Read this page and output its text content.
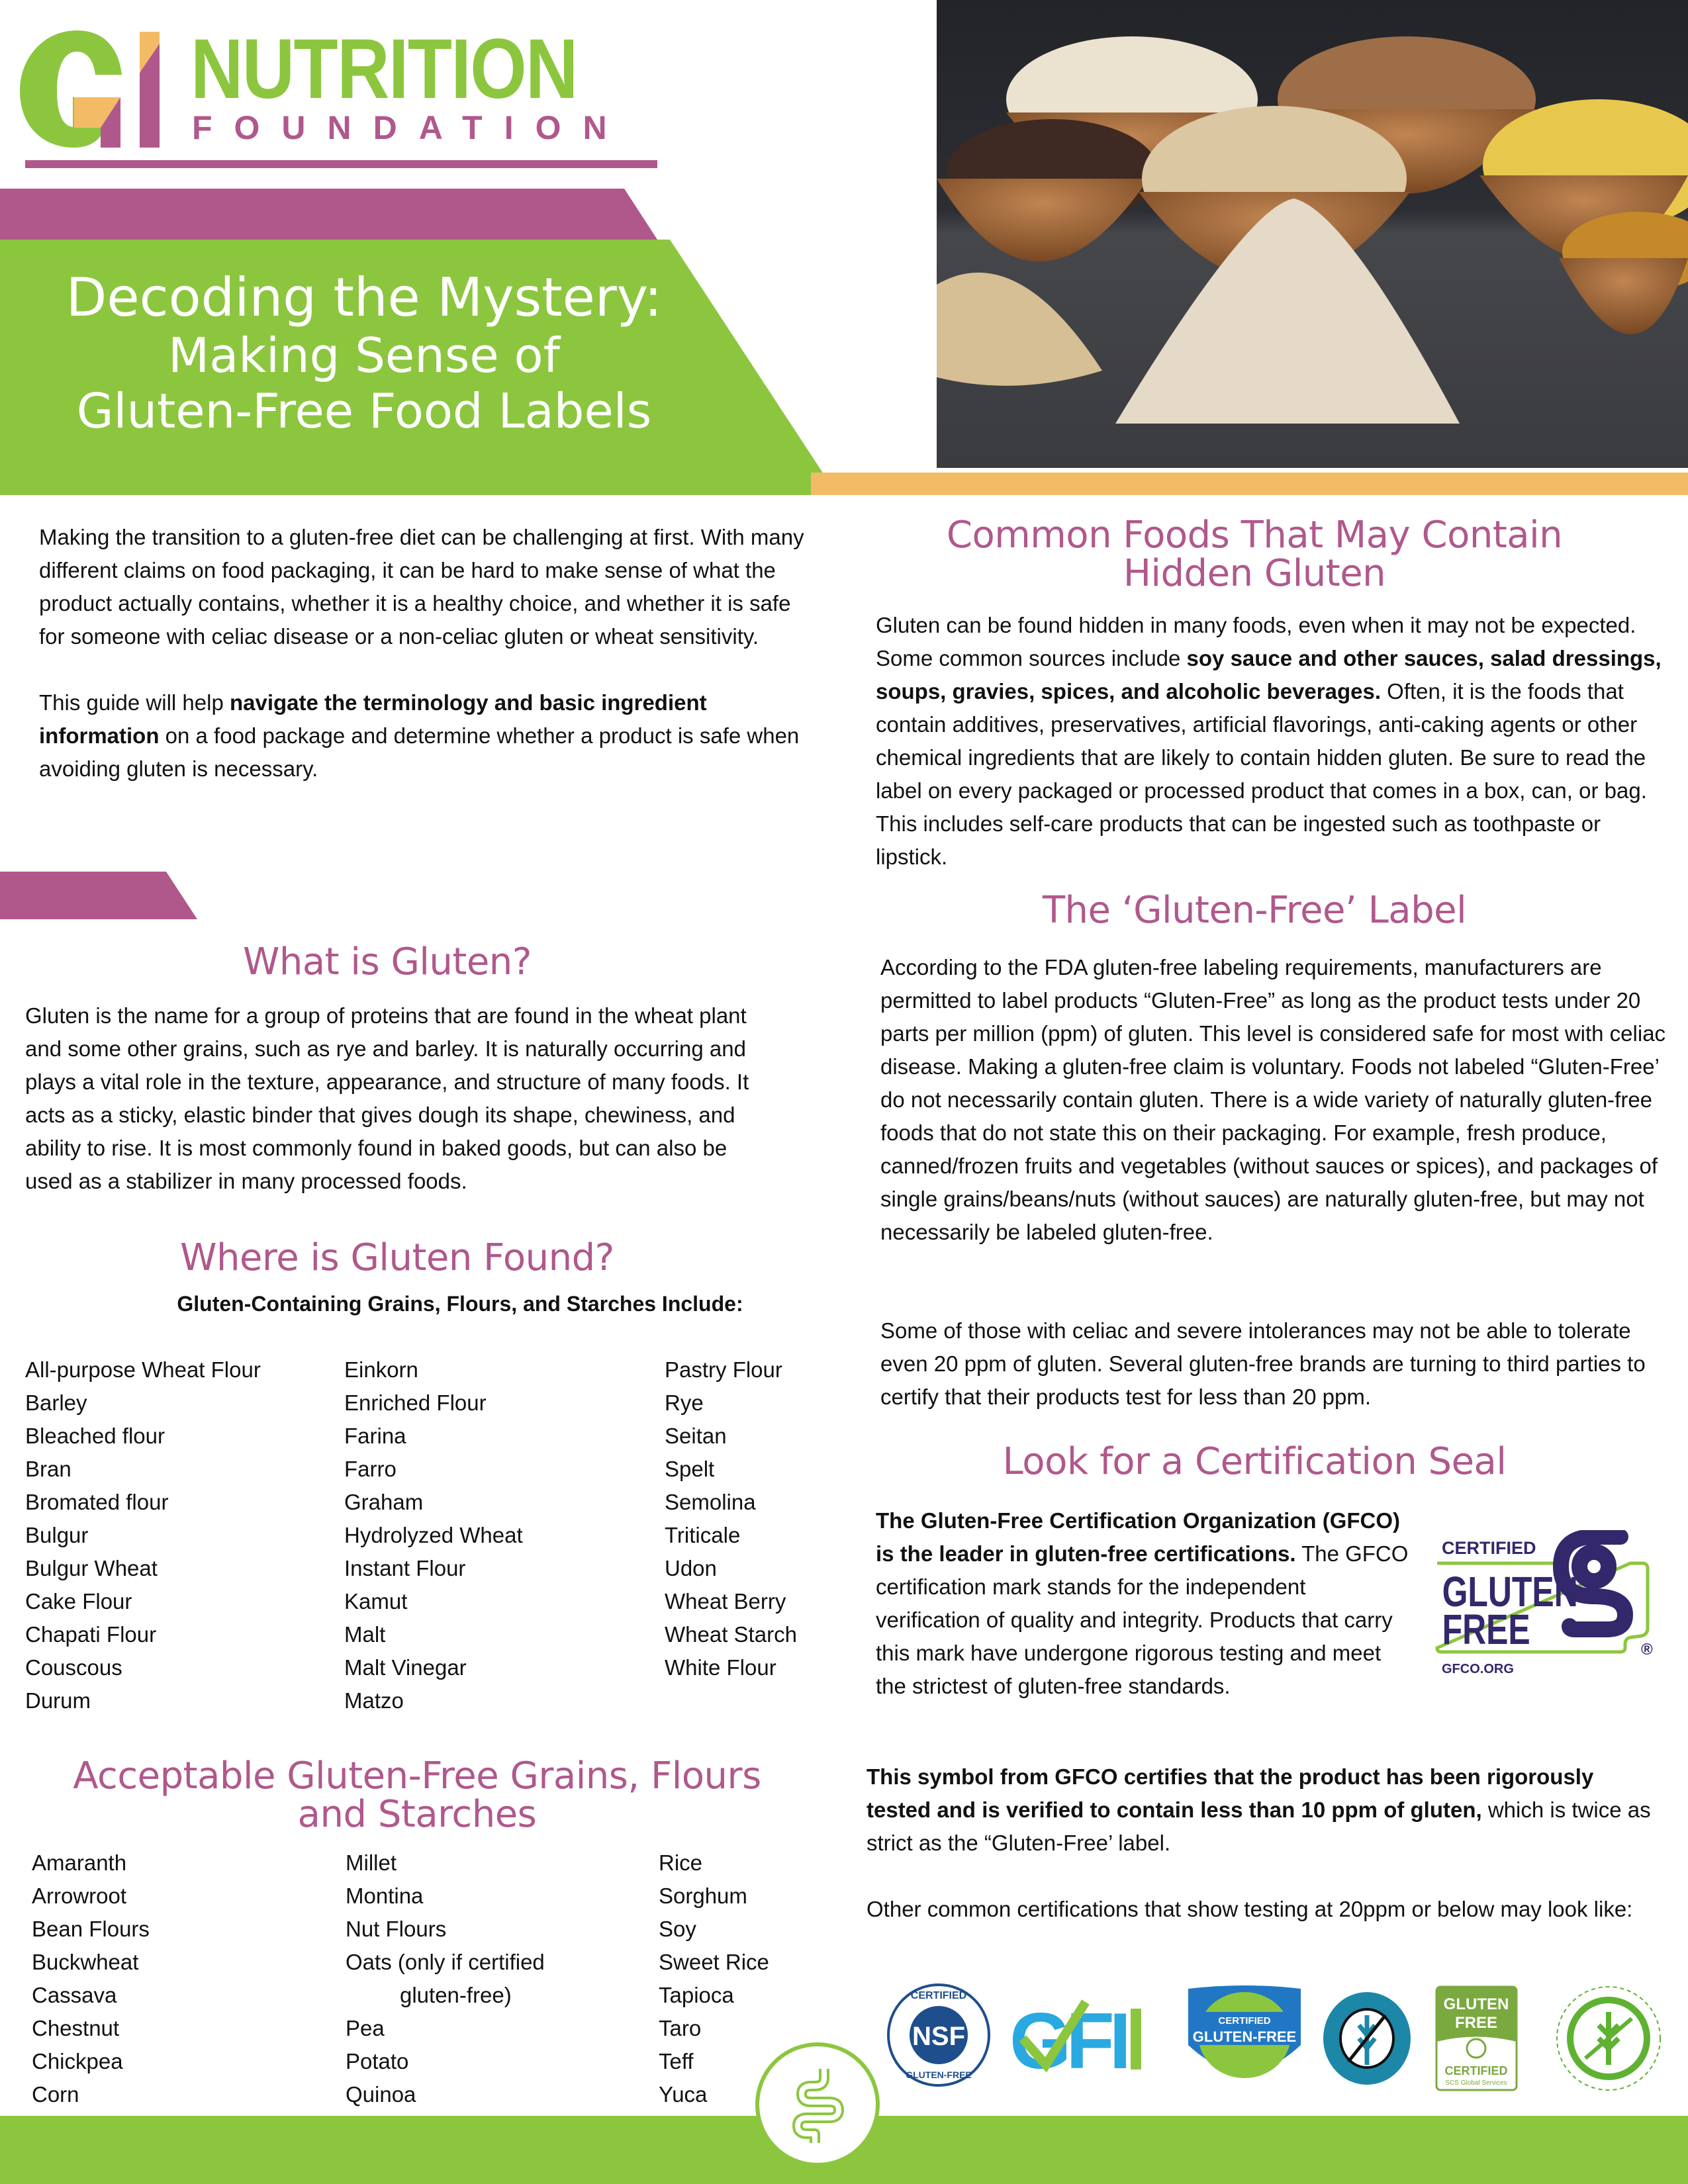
NUTRITION
FOUNDATION
Decoding the Mystery:
Making Sense of
Gluten-Free Food Labels
Making the transition to a gluten-free diet can be challenging at first. With many different claims on food packaging, it can be hard to make sense of what the product actually contains, whether it is a healthy choice, and whether it is safe for someone with celiac disease or a non-celiac gluten or wheat sensitivity.
This guide will help navigate the terminology and basic ingredient information on a food package and determine whether a product is safe when avoiding gluten is necessary.
What is Gluten?
Gluten is the name for a group of proteins that are found in the wheat plant and some other grains, such as rye and barley. It is naturally occurring and plays a vital role in the texture, appearance, and structure of many foods. It acts as a sticky, elastic binder that gives dough its shape, chewiness, and ability to rise. It is most commonly found in baked goods, but can also be used as a stabilizer in many processed foods.
Where is Gluten Found?
Gluten-Containing Grains, Flours, and Starches Include:
All-purpose Wheat Flour
Barley
Bleached flour
Bran
Bromated flour
Bulgur
Bulgur Wheat
Cake Flour
Chapati Flour
Couscous
Durum
Einkorn
Enriched Flour
Farina
Farro
Graham
Hydrolyzed Wheat
Instant Flour
Kamut
Malt
Malt Vinegar
Matzo
Pastry Flour
Rye
Seitan
Spelt
Semolina
Triticale
Udon
Wheat Berry
Wheat Starch
White Flour
Acceptable Gluten-Free Grains, Flours
and Starches
Amaranth
Arrowroot
Bean Flours
Buckwheat
Cassava
Chestnut
Chickpea
Corn
Millet
Montina
Nut Flours
Oats (only if certified
gluten-free)
Pea
Potato
Quinoa
Rice
Sorghum
Soy
Sweet Rice
Tapioca
Taro
Teff
Yuca
Common Foods That May Contain
Hidden Gluten
Gluten can be found hidden in many foods, even when it may not be expected. Some common sources include soy sauce and other sauces, salad dressings, soups, gravies, spices, and alcoholic beverages. Often, it is the foods that contain additives, preservatives, artificial flavorings, anti-caking agents or other chemical ingredients that are likely to contain hidden gluten. Be sure to read the label on every packaged or processed product that comes in a box, can, or bag. This includes self-care products that can be ingested such as toothpaste or lipstick.
The ‘Gluten-Free’ Label
According to the FDA gluten-free labeling requirements, manufacturers are permitted to label products “Gluten-Free” as long as the product tests under 20 parts per million (ppm) of gluten. This level is considered safe for most with celiac disease. Making a gluten-free claim is voluntary. Foods not labeled “Gluten-Free’ do not necessarily contain gluten. There is a wide variety of naturally gluten-free foods that do not state this on their packaging. For example, fresh produce, canned/frozen fruits and vegetables (without sauces or spices), and packages of single grains/beans/nuts (without sauces) are naturally gluten-free, but may not necessarily be labeled gluten-free.
Some of those with celiac and severe intolerances may not be able to tolerate even 20 ppm of gluten. Several gluten-free brands are turning to third parties to certify that their products test for less than 20 ppm.
Look for a Certification Seal
The Gluten-Free Certification Organization (GFCO) is the leader in gluten-free certifications. The GFCO certification mark stands for the independent verification of quality and integrity. Products that carry this mark have undergone rigorous testing and meet the strictest of gluten-free standards.
CERTIFIED
GLUTEN
FREE	®
GFCO.ORG
This symbol from GFCO certifies that the product has been rigorously tested and is verified to contain less than 10 ppm of gluten, which is twice as strict as the “Gluten-Free’ label.
Other common certifications that show testing at 20ppm or below may look like:
NSF
CERTIFIED
GLUTEN-FREE GFI	CERTIFIED
GLUTEN-FREE
GLUTEN
FREE
CERTIFIED
SCS Global Services
